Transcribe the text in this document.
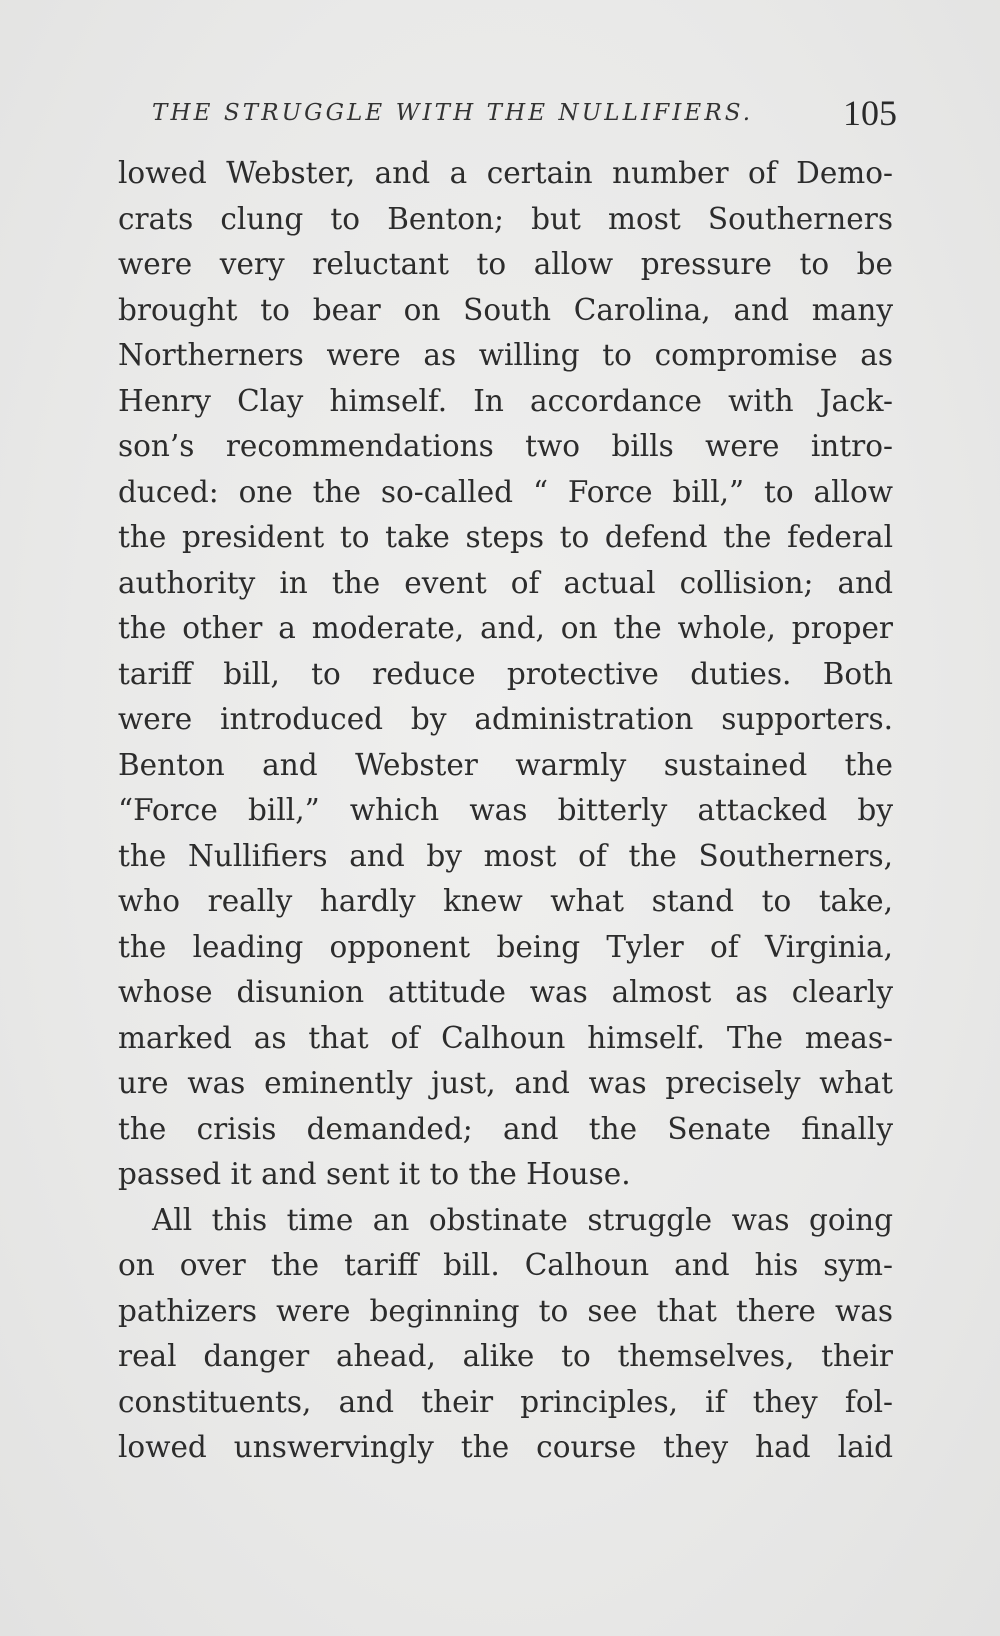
THE STRUGGLE WITH THE NULLIFIERS. 105
lowed Webster, and a certain number of Demo-
crats clung to Benton; but most Southerners
were very reluctant to allow pressure to be
brought to bear on South Carolina, and many
Northerners were as willing to compromise as
Henry Clay himself. In accordance with Jack-
son’s recommendations two bills were intro-
duced: one the so-called “ Force bill,” to allow
the president to take steps to defend the federal
authority in the event of actual collision; and
the other a moderate, and, on the whole, proper
tariff bill, to reduce protective duties. Both
were introduced by administration supporters.
Benton and Webster warmly sustained the
“Force bill,” which was bitterly attacked by
the Nullifiers and by most of the Southerners,
who really hardly knew what stand to take,
the leading opponent being Tyler of Virginia,
whose disunion attitude was almost as clearly
marked as that of Calhoun himself. The meas-
ure was eminently just, and was precisely what
the crisis demanded; and the Senate finally
passed it and sent it to the House.
All this time an obstinate struggle was going
on over the tariff bill. Calhoun and his sym-
pathizers were beginning to see that there was
real danger ahead, alike to themselves, their
constituents, and their principles, if they fol-
lowed unswervingly the course they had laid
